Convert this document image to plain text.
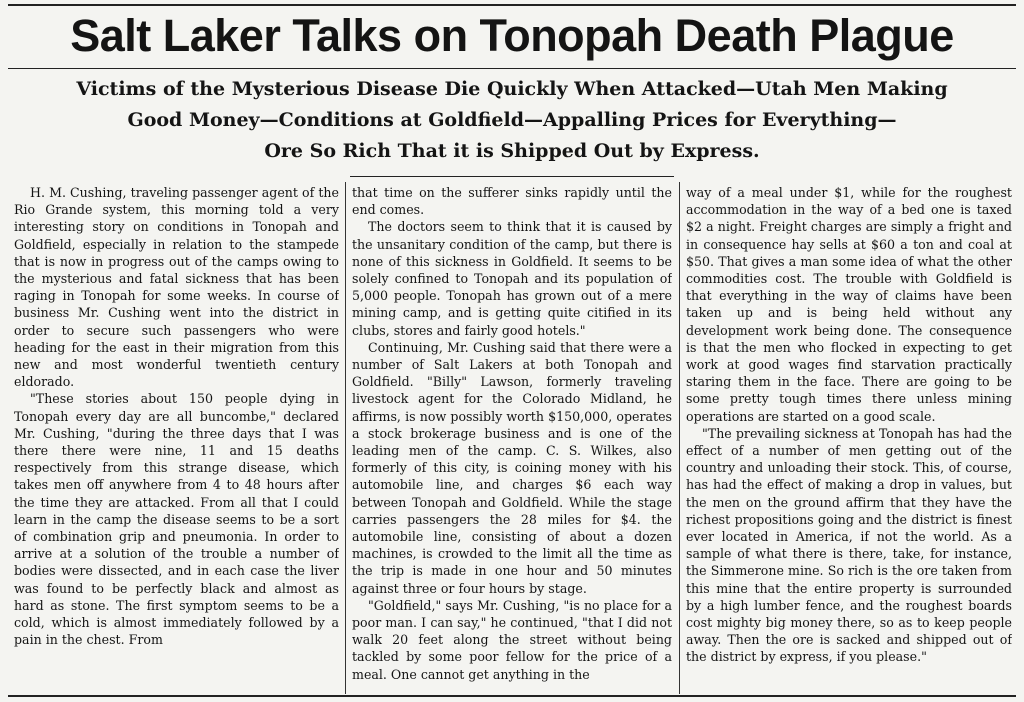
Salt Laker Talks on Tonopah Death Plague
Victims of the Mysterious Disease Die Quickly When Attacked—Utah Men Making
Good Money—Conditions at Goldfield—Appalling Prices for Everything—
Ore So Rich That it is Shipped Out by Express.

H. M. Cushing, traveling passenger agent of the Rio Grande system, this morning told a very interesting story on conditions in Tonopah and Goldfield, especially in relation to the stampede that is now in progress out of the camps owing to the mysterious and fatal sickness that has been raging in Tonopah for some weeks. In course of business Mr. Cushing went into the district in order to secure such passengers who were heading for the east in their migration from this new and most wonderful twentieth century eldorado.

"These stories about 150 people dying in Tonopah every day are all buncombe," declared Mr. Cushing, "during the three days that I was there there were nine, 11 and 15 deaths respectively from this strange disease, which takes men off anywhere from 4 to 48 hours after the time they are attacked. From all that I could learn in the camp the disease seems to be a sort of combination grip and pneumonia. In order to arrive at a solution of the trouble a number of bodies were dissected, and in each case the liver was found to be perfectly black and almost as hard as stone. The first symptom seems to be a cold, which is almost immediately followed by a pain in the chest. From

that time on the sufferer sinks rapidly until the end comes.

The doctors seem to think that it is caused by the unsanitary condition of the camp, but there is none of this sickness in Goldfield. It seems to be solely confined to Tonopah and its population of 5,000 people. Tonopah has grown out of a mere mining camp, and is getting quite citified in its clubs, stores and fairly good hotels."

Continuing, Mr. Cushing said that there were a number of Salt Lakers at both Tonopah and Goldfield. "Billy" Lawson, formerly traveling livestock agent for the Colorado Midland, he affirms, is now possibly worth $150,000, operates a stock brokerage business and is one of the leading men of the camp. C. S. Wilkes, also formerly of this city, is coining money with his automobile line, and charges $6 each way between Tonopah and Goldfield. While the stage carries passengers the 28 miles for $4. the automobile line, consisting of about a dozen machines, is crowded to the limit all the time as the trip is made in one hour and 50 minutes against three or four hours by stage.

"Goldfield," says Mr. Cushing, "is no place for a poor man. I can say," he continued, "that I did not walk 20 feet along the street without being tackled by some poor fellow for the price of a meal. One cannot get anything in the

way of a meal under $1, while for the roughest accommodation in the way of a bed one is taxed $2 a night. Freight charges are simply a fright and in consequence hay sells at $60 a ton and coal at $50. That gives a man some idea of what the other commodities cost. The trouble with Goldfield is that everything in the way of claims have been taken up and is being held without any development work being done. The consequence is that the men who flocked in expecting to get work at good wages find starvation practically staring them in the face. There are going to be some pretty tough times there unless mining operations are started on a good scale.

"The prevailing sickness at Tonopah has had the effect of a number of men getting out of the country and unloading their stock. This, of course, has had the effect of making a drop in values, but the men on the ground affirm that they have the richest propositions going and the district is finest ever located in America, if not the world. As a sample of what there is there, take, for instance, the Simmerone mine. So rich is the ore taken from this mine that the entire property is surrounded by a high lumber fence, and the roughest boards cost mighty big money there, so as to keep people away. Then the ore is sacked and shipped out of the district by express, if you please."
